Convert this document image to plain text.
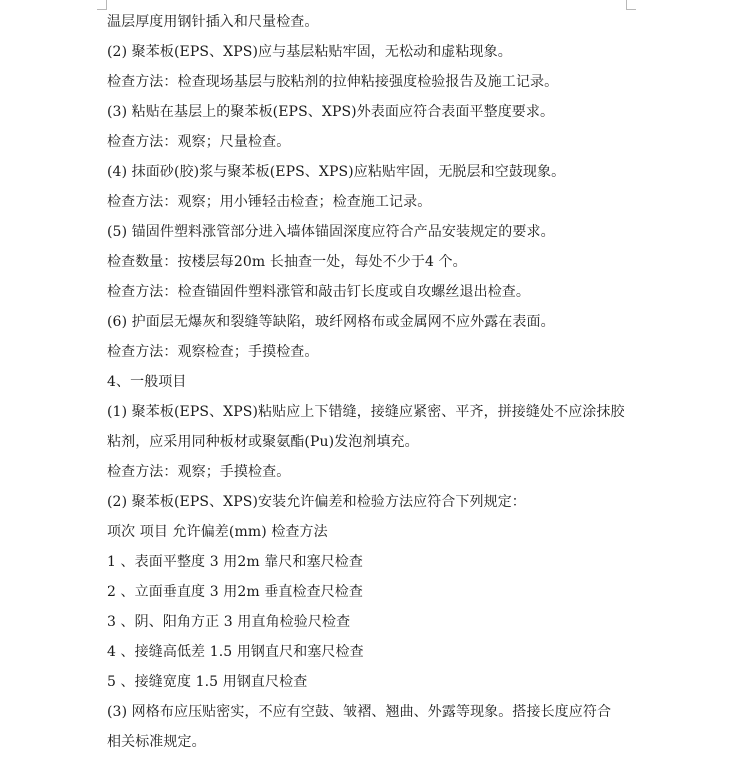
温层厚度用钢针插入和尺量检查。
(2) 聚苯板(EPS、XPS)应与基层粘贴牢固，无松动和虚粘现象。
检查方法：检查现场基层与胶粘剂的拉伸粘接强度检验报告及施工记录。
(3) 粘贴在基层上的聚苯板(EPS、XPS)外表面应符合表面平整度要求。
检查方法：观察；尺量检查。
(4) 抹面砂(胶)浆与聚苯板(EPS、XPS)应粘贴牢固，无脱层和空鼓现象。
检查方法：观察；用小锤轻击检查；检查施工记录。
(5) 锚固件塑料涨管部分进入墙体锚固深度应符合产品安装规定的要求。
检查数量：按楼层每20m 长抽查一处，每处不少于4 个。
检查方法：检查锚固件塑料涨管和敲击钉长度或自攻螺丝退出检查。
(6) 护面层无爆灰和裂缝等缺陷，玻纤网格布或金属网不应外露在表面。
检查方法：观察检查；手摸检查。
4、一般项目
(1) 聚苯板(EPS、XPS)粘贴应上下错缝，接缝应紧密、平齐，拼接缝处不应涂抹胶
粘剂，应采用同种板材或聚氨酯(Pu)发泡剂填充。
检查方法：观察；手摸检查。
(2) 聚苯板(EPS、XPS)安装允许偏差和检验方法应符合下列规定：
项次 项目 允许偏差(mm) 检查方法
1 、表面平整度 3 用2m 靠尺和塞尺检查
2 、立面垂直度 3 用2m 垂直检查尺检查
3 、阴、阳角方正 3 用直角检验尺检查
4 、接缝高低差 1.5 用钢直尺和塞尺检查
5 、接缝宽度 1.5 用钢直尺检查
(3) 网格布应压贴密实，不应有空鼓、皱褶、翘曲、外露等现象。搭接长度应符合
相关标准规定。
